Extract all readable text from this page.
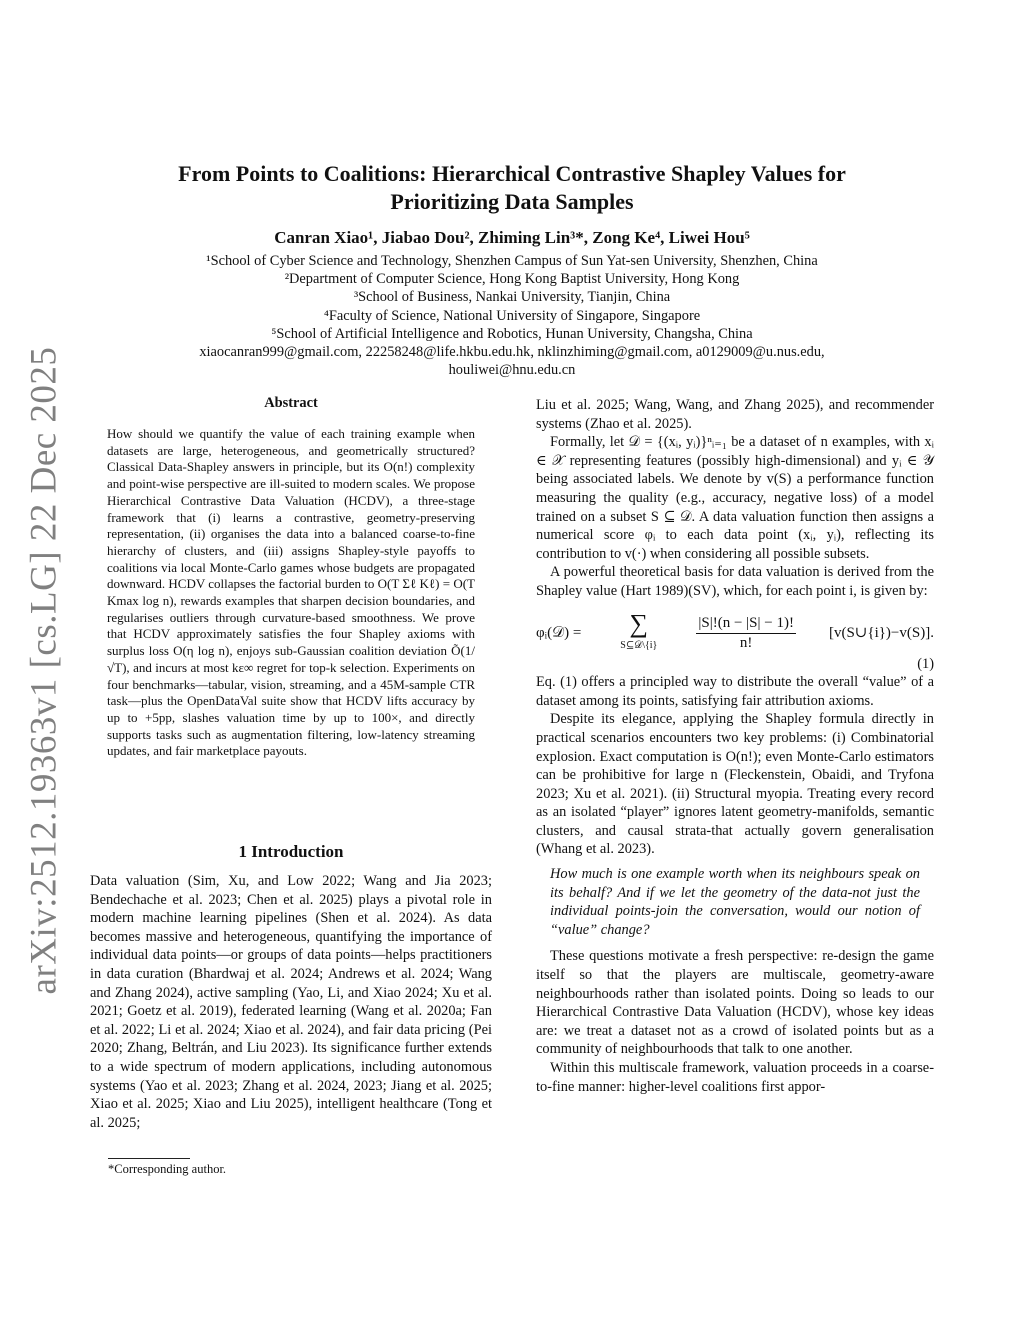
arXiv:2512.19363v1 [cs.LG] 22 Dec 2025
From Points to Coalitions: Hierarchical Contrastive Shapley Values for
Prioritizing Data Samples
Canran Xiao¹, Jiabao Dou², Zhiming Lin³*, Zong Ke⁴, Liwei Hou⁵
¹School of Cyber Science and Technology, Shenzhen Campus of Sun Yat-sen University, Shenzhen, China
²Department of Computer Science, Hong Kong Baptist University, Hong Kong
³School of Business, Nankai University, Tianjin, China
⁴Faculty of Science, National University of Singapore, Singapore
⁵School of Artificial Intelligence and Robotics, Hunan University, Changsha, China
xiaocanran999@gmail.com, 22258248@life.hkbu.edu.hk, nklinzhiming@gmail.com, a0129009@u.nus.edu,
houliwei@hnu.edu.cn
Abstract
How should we quantify the value of each training example when datasets are large, heterogeneous, and geometrically structured? Classical Data-Shapley answers in principle, but its O(n!) complexity and point-wise perspective are ill-suited to modern scales. We propose Hierarchical Contrastive Data Valuation (HCDV), a three-stage framework that (i) learns a contrastive, geometry-preserving representation, (ii) organises the data into a balanced coarse-to-fine hierarchy of clusters, and (iii) assigns Shapley-style payoffs to coalitions via local Monte-Carlo games whose budgets are propagated downward. HCDV collapses the factorial burden to O(T Σℓ Kℓ) = O(T Kmax log n), rewards examples that sharpen decision boundaries, and regularises outliers through curvature-based smoothness. We prove that HCDV approximately satisfies the four Shapley axioms with surplus loss O(η log n), enjoys sub-Gaussian coalition deviation Õ(1/√T), and incurs at most kε∞ regret for top-k selection. Experiments on four benchmarks—tabular, vision, streaming, and a 45M-sample CTR task—plus the OpenDataVal suite show that HCDV lifts accuracy by up to +5pp, slashes valuation time by up to 100×, and directly supports tasks such as augmentation filtering, low-latency streaming updates, and fair marketplace payouts.
1 Introduction

Data valuation (Sim, Xu, and Low 2022; Wang and Jia 2023; Bendechache et al. 2023; Chen et al. 2025) plays a pivotal role in modern machine learning pipelines (Shen et al. 2024). As data becomes massive and heterogeneous, quantifying the importance of individual data points—or groups of data points—helps practitioners in data curation (Bhardwaj et al. 2024; Andrews et al. 2024; Wang and Zhang 2024), active sampling (Yao, Li, and Xiao 2024; Xu et al. 2021; Goetz et al. 2019), federated learning (Wang et al. 2020a; Fan et al. 2022; Li et al. 2024; Xiao et al. 2024), and fair data pricing (Pei 2020; Zhang, Beltrán, and Liu 2023). Its significance further extends to a wide spectrum of modern applications, including autonomous systems (Yao et al. 2023; Zhang et al. 2024, 2023; Jiang et al. 2025; Xiao et al. 2025; Xiao and Liu 2025), intelligent healthcare (Tong et al. 2025;

*Corresponding author.

Liu et al. 2025; Wang, Wang, and Zhang 2025), and recommender systems (Zhao et al. 2025).

Formally, let 𝒟 = {(xᵢ, yᵢ)}ⁿᵢ₌₁ be a dataset of n examples, with xᵢ ∈ 𝒳 representing features (possibly high-dimensional) and yᵢ ∈ 𝒴 being associated labels. We denote by v(S) a performance function measuring the quality (e.g., accuracy, negative loss) of a model trained on a subset S ⊆ 𝒟. A data valuation function then assigns a numerical score φᵢ to each data point (xᵢ, yᵢ), reflecting its contribution to v(·) when considering all possible subsets.

A powerful theoretical basis for data valuation is derived from the Shapley value (Hart 1989)(SV), which, for each point i, is given by:

φᵢ(𝒟) = ∑
S⊆𝒟\{i}	$\frac{|S|!(n - |S| - 1)!}{n!}$ [v(S∪{i})−v(S)].
(1)

Eq. (1) offers a principled way to distribute the overall “value” of a dataset among its points, satisfying fair attribution axioms.

Despite its elegance, applying the Shapley formula directly in practical scenarios encounters two key problems: (i) Combinatorial explosion. Exact computation is O(n!); even Monte-Carlo estimators can be prohibitive for large n (Fleckenstein, Obaidi, and Tryfona 2023; Xu et al. 2021). (ii) Structural myopia. Treating every record as an isolated “player” ignores latent geometry-manifolds, semantic clusters, and causal strata-that actually govern generalisation (Whang et al. 2023).

How much is one example worth when its neighbours speak on its behalf? And if we let the geometry of the data-not just the individual points-join the conversation, would our notion of “value” change?

These questions motivate a fresh perspective: re-design the game itself so that the players are multiscale, geometry-aware neighbourhoods rather than isolated points. Doing so leads to our Hierarchical Contrastive Data Valuation (HCDV), whose key ideas are: we treat a dataset not as a crowd of isolated points but as a community of neighbourhoods that talk to one another.

Within this multiscale framework, valuation proceeds in a coarse-to-fine manner: higher-level coalitions first appor-
